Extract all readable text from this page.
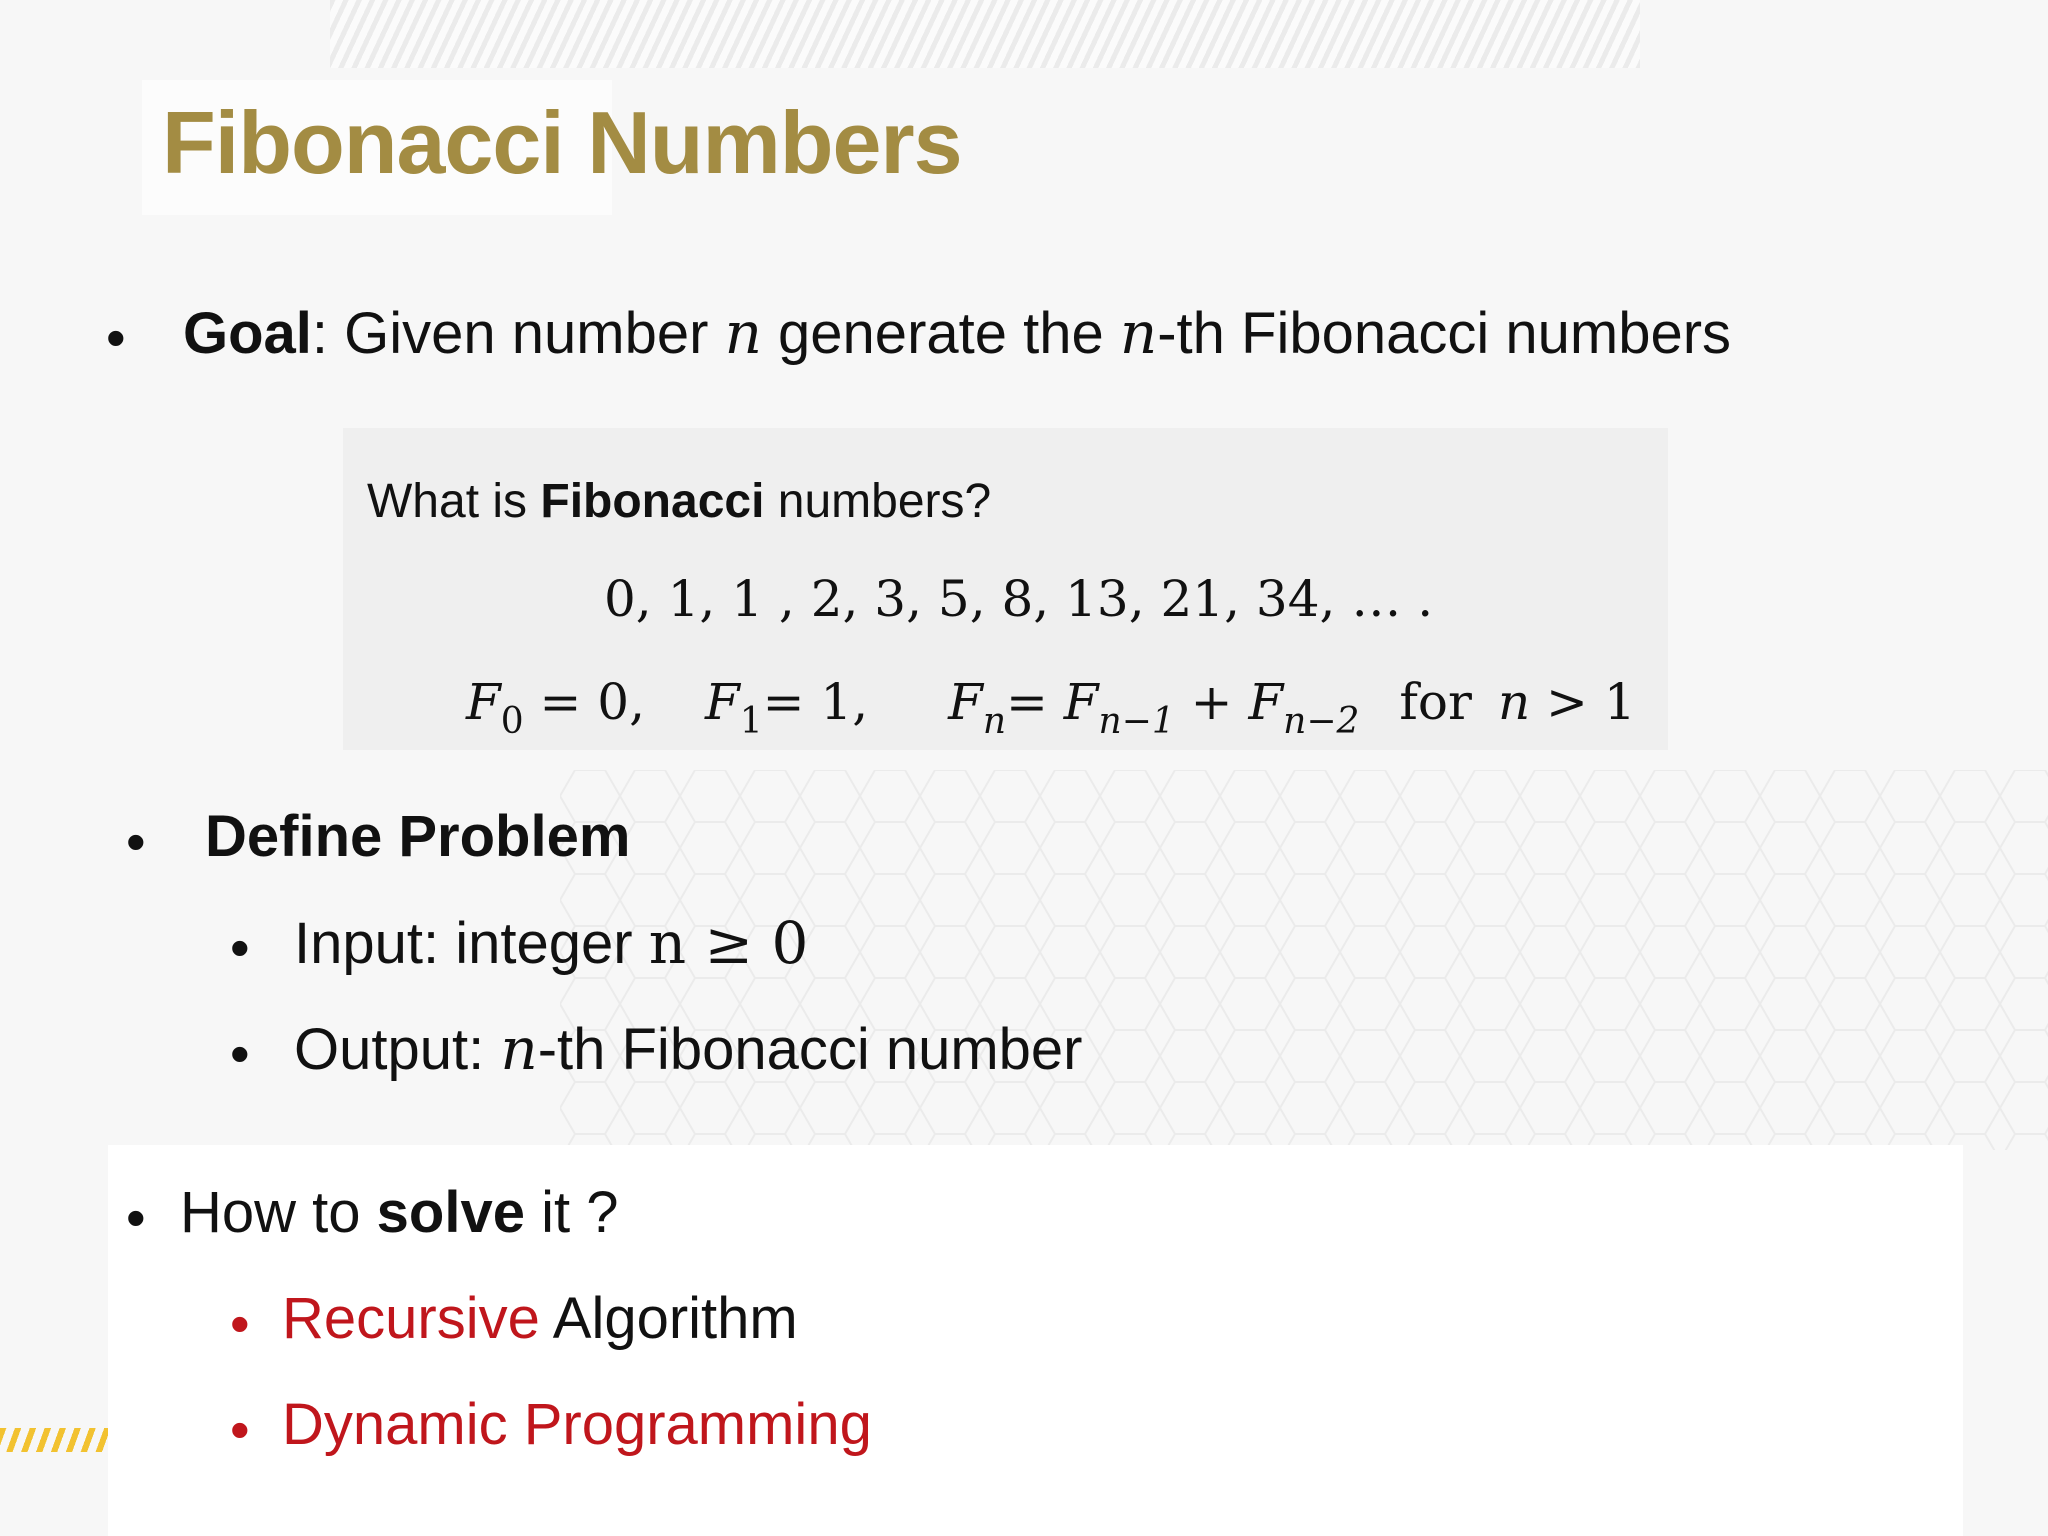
Fibonacci Numbers
• Goal: Given number n generate the n-th Fibonacci numbers
What is Fibonacci numbers?
0, 1, 1 , 2, 3, 5, 8, 13, 21, 34, … .
$F_0 = 0$, $F_1= 1$, $F_n= F_{n-1} + F_{n-2}$ for n > 1
• Define Problem
• Input: integer n ≥ 0
• Output: n-th Fibonacci number
• How to solve it ?
• Recursive Algorithm
• Dynamic Programming
